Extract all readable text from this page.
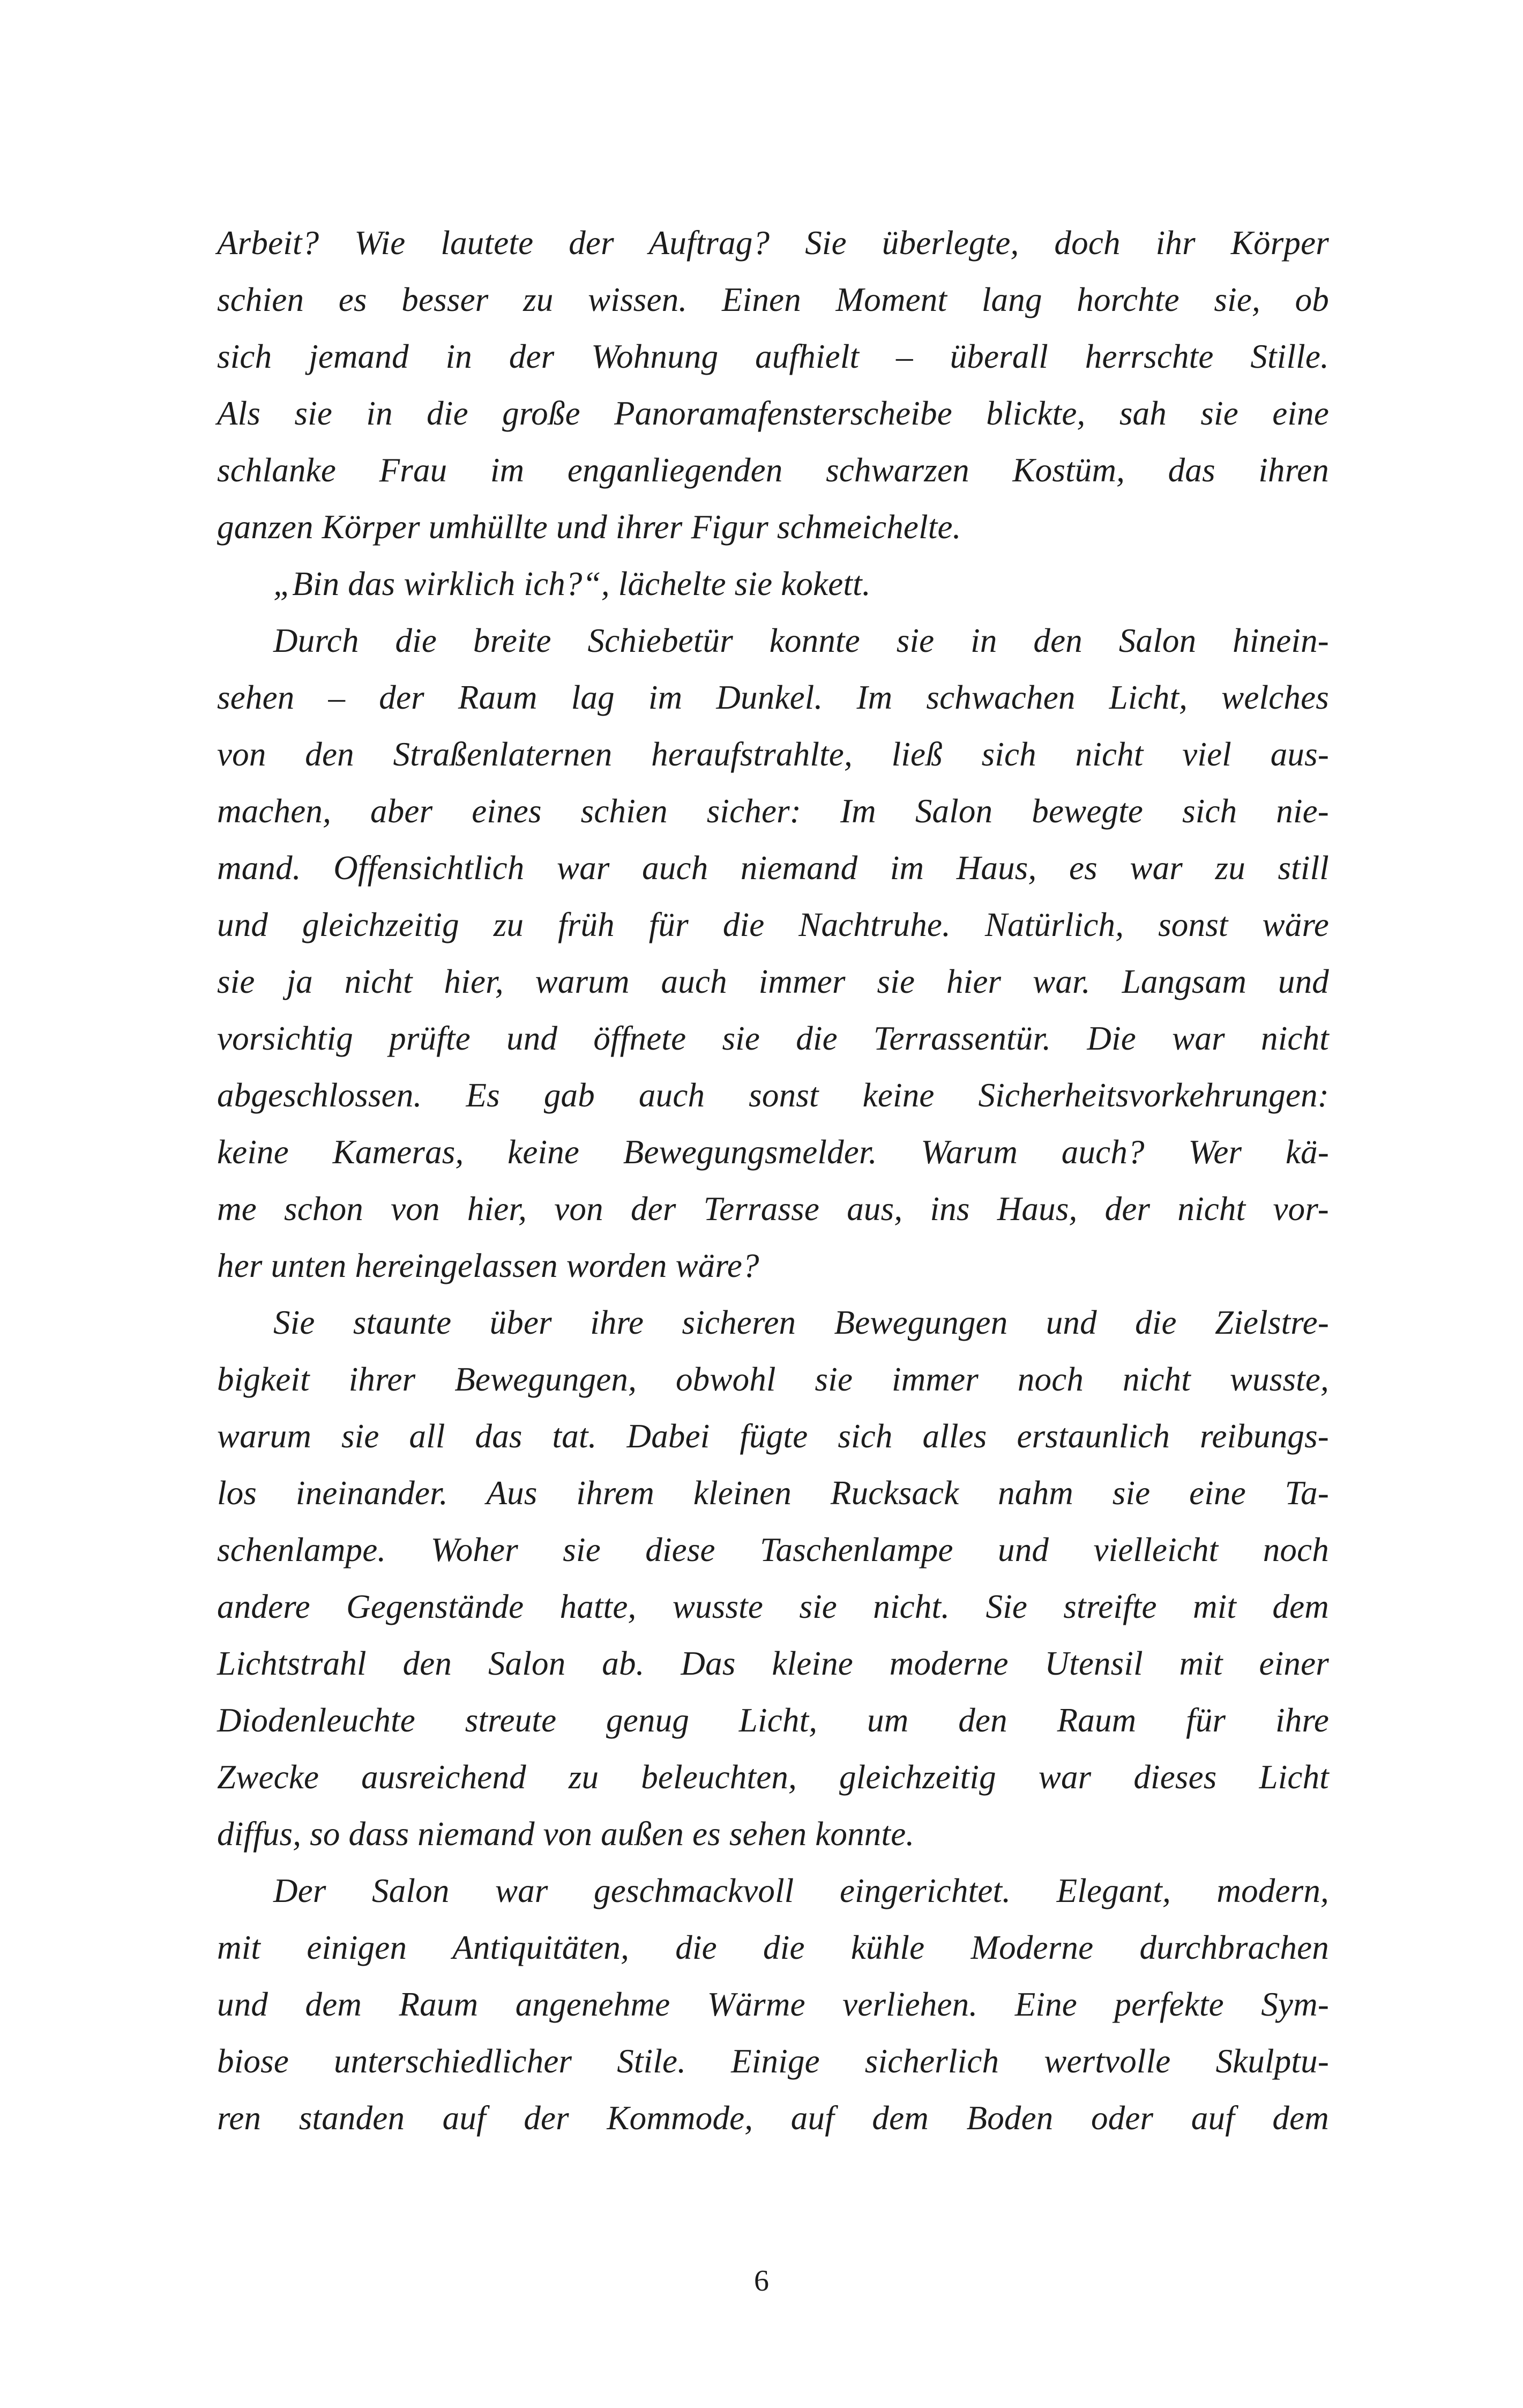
Arbeit? Wie lautete der Auftrag? Sie überlegte, doch ihr Körper
schien es besser zu wissen. Einen Moment lang horchte sie, ob
sich jemand in der Wohnung aufhielt – überall herrschte Stille.
Als sie in die große Panoramafensterscheibe blickte, sah sie eine
schlanke Frau im enganliegenden schwarzen Kostüm, das ihren
ganzen Körper umhüllte und ihrer Figur schmeichelte.
„Bin das wirklich ich?“, lächelte sie kokett.
Durch die breite Schiebetür konnte sie in den Salon hinein-
sehen – der Raum lag im Dunkel. Im schwachen Licht, welches
von den Straßenlaternen heraufstrahlte, ließ sich nicht viel aus-
machen, aber eines schien sicher: Im Salon bewegte sich nie-
mand. Offensichtlich war auch niemand im Haus, es war zu still
und gleichzeitig zu früh für die Nachtruhe. Natürlich, sonst wäre
sie ja nicht hier, warum auch immer sie hier war. Langsam und
vorsichtig prüfte und öffnete sie die Terrassentür. Die war nicht
abgeschlossen. Es gab auch sonst keine Sicherheitsvorkehrungen:
keine Kameras, keine Bewegungsmelder. Warum auch? Wer kä-
me schon von hier, von der Terrasse aus, ins Haus, der nicht vor-
her unten hereingelassen worden wäre?
Sie staunte über ihre sicheren Bewegungen und die Zielstre-
bigkeit ihrer Bewegungen, obwohl sie immer noch nicht wusste,
warum sie all das tat. Dabei fügte sich alles erstaunlich reibungs-
los ineinander. Aus ihrem kleinen Rucksack nahm sie eine Ta-
schenlampe. Woher sie diese Taschenlampe und vielleicht noch
andere Gegenstände hatte, wusste sie nicht. Sie streifte mit dem
Lichtstrahl den Salon ab. Das kleine moderne Utensil mit einer
Diodenleuchte streute genug Licht, um den Raum für ihre
Zwecke ausreichend zu beleuchten, gleichzeitig war dieses Licht
diffus, so dass niemand von außen es sehen konnte.
Der Salon war geschmackvoll eingerichtet. Elegant, modern,
mit einigen Antiquitäten, die die kühle Moderne durchbrachen
und dem Raum angenehme Wärme verliehen. Eine perfekte Sym-
biose unterschiedlicher Stile. Einige sicherlich wertvolle Skulptu-
ren standen auf der Kommode, auf dem Boden oder auf dem
6
